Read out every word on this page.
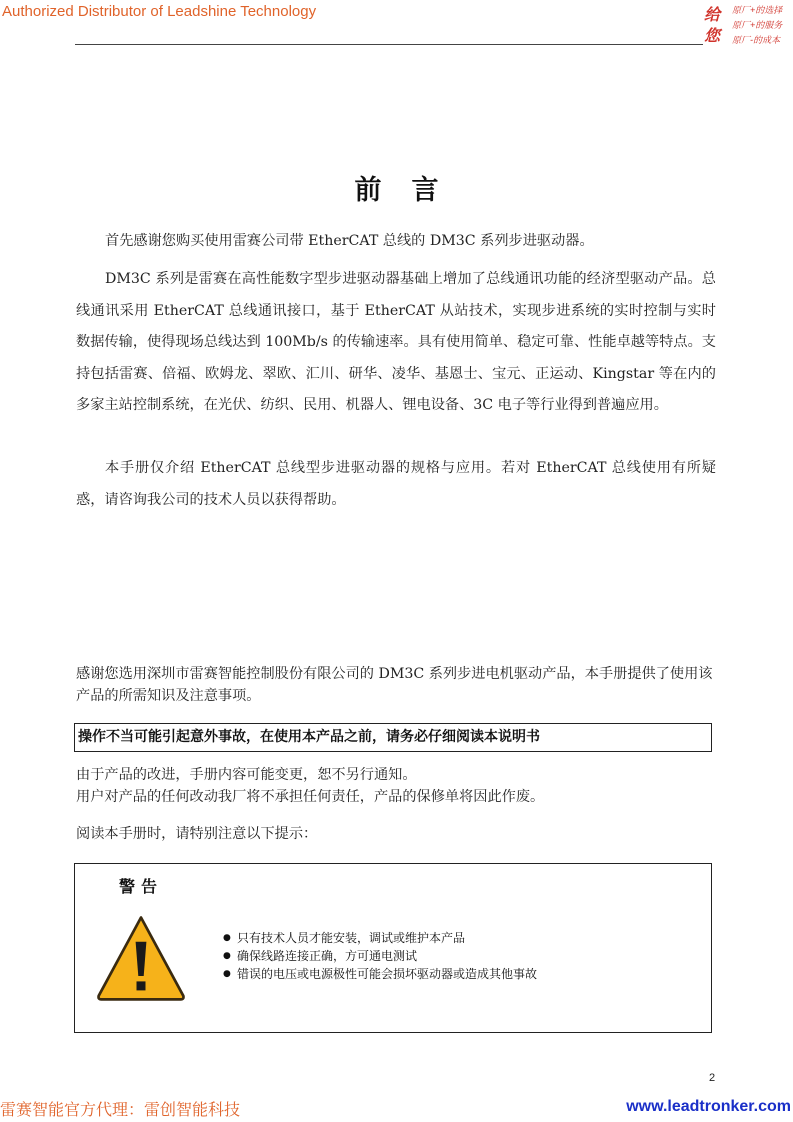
Authorized Distributor of Leadshine Technology	给
您
原厂+的选择
原厂+的服务
原厂-的成本
前言

首先感谢您购买使用雷赛公司带 EtherCAT 总线的 DM3C 系列步进驱动器。

DM3C 系列是雷赛在高性能数字型步进驱动器基础上增加了总线通讯功能的经济型驱动产品。总线通讯采用 EtherCAT 总线通讯接口，基于 EtherCAT 从站技术，实现步进系统的实时控制与实时数据传输，使得现场总线达到 100Mb/s 的传输速率。具有使用简单、稳定可靠、性能卓越等特点。支持包括雷赛、倍福、欧姆龙、翠欧、汇川、研华、凌华、基恩士、宝元、正运动、Kingstar 等在内的多家主站控制系统，在光伏、纺织、民用、机器人、锂电设备、3C 电子等行业得到普遍应用。

本手册仅介绍 EtherCAT 总线型步进驱动器的规格与应用。若对 EtherCAT 总线使用有所疑惑，请咨询我公司的技术人员以获得帮助。

感谢您选用深圳市雷赛智能控制股份有限公司的 DM3C 系列步进电机驱动产品，本手册提供了使用该产品的所需知识及注意事项。

操作不当可能引起意外事故，在使用本产品之前，请务必仔细阅读本说明书
由于产品的改进，手册内容可能变更，恕不另行通知。
用户对产品的任何改动我厂将不承担任何责任，产品的保修单将因此作废。

阅读本手册时，请特别注意以下提示：

警告
● 只有技术人员才能安装，调试或维护本产品
● 确保线路连接正确，方可通电测试
● 错误的电压或电源极性可能会损坏驱动器或造成其他事故
2
雷赛智能官方代理：雷创智能科技	www.leadtronker.com
